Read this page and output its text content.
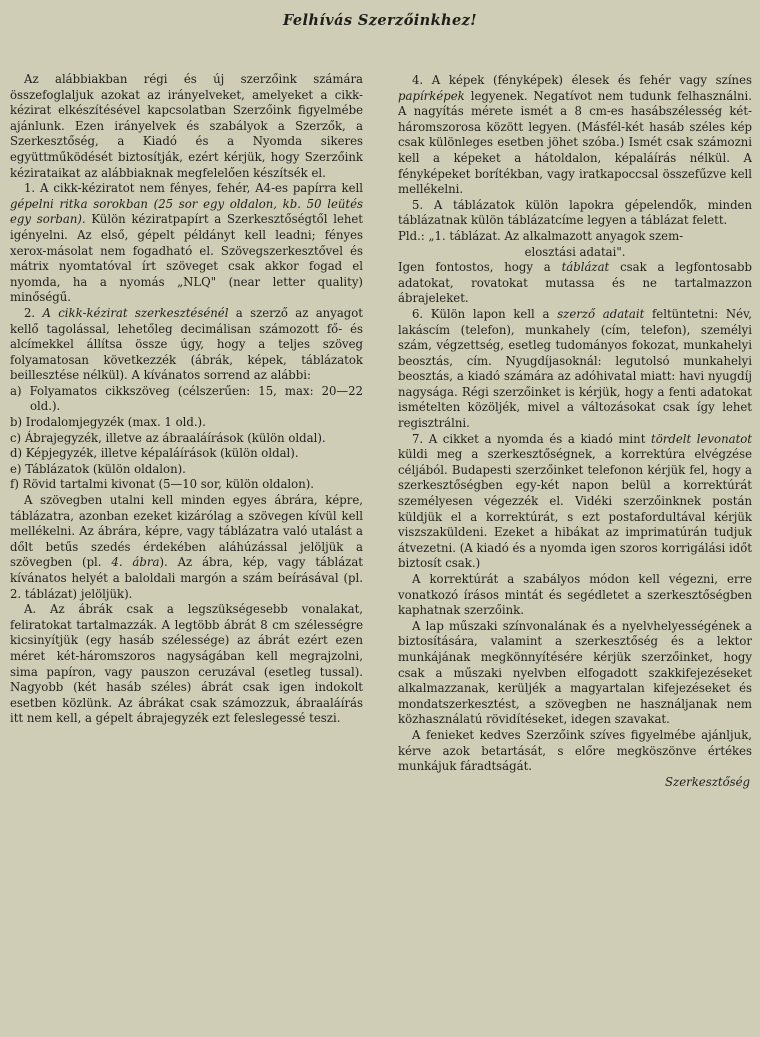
Felhívás Szerzőinkhez!

Az alábbiakban régi és új szerzőink számára összefoglaljuk azokat az irányelveket, amelyeket a cikk-kézirat elkészítésével kapcsolatban Szerzőink figyelmébe ajánlunk. Ezen irányelvek és szabályok a Szerzők, a Szerkesztőség, a Kiadó és a Nyomda sikeres együttműködését biztosítják, ezért kérjük, hogy Szerzőink kézirataikat az alábbiaknak megfelelően készítsék el.

1. A cikk-kéziratot nem fényes, fehér, A4-es papírra kell gépelni ritka sorokban (25 sor egy oldalon, kb. 50 leütés egy sorban). Külön kéziratpapírt a Szerkesztőségtől lehet igényelni. Az első, gépelt példányt kell leadni; fényes xerox-másolat nem fogadható el. Szövegszerkesztővel és mátrix nyomtatóval írt szöveget csak akkor fogad el nyomda, ha a nyomás „NLQ" (near letter quality) minőségű.

2. A cikk-kézirat szerkesztésénél a szerző az anyagot kellő tagolással, lehetőleg decimálisan számozott fő- és alcímekkel állítsa össze úgy, hogy a teljes szöveg folyamatosan következzék (ábrák, képek, táblázatok beillesztése nélkül). A kívánatos sorrend az alábbi:

a) Folyamatos cikkszöveg (célszerűen: 15, max: 20—22 old.).

b) Irodalomjegyzék (max. 1 old.).

c) Ábrajegyzék, illetve az ábraaláírások (külön oldal).

d) Képjegyzék, illetve képaláírások (külön oldal).

e) Táblázatok (külön oldalon).

f) Rövid tartalmi kivonat (5—10 sor, külön oldalon).

A szövegben utalni kell minden egyes ábrára, képre, táblázatra, azonban ezeket kizárólag a szövegen kívül kell mellékelni. Az ábrára, képre, vagy táblázatra való utalást a dőlt betűs szedés érdekében aláhúzással jelöljük a szövegben (pl. 4. ábra). Az ábra, kép, vagy táblázat kívánatos helyét a baloldali margón a szám beírásával (pl. 2. táblázat) jelöljük).

A. Az ábrák csak a legszükségesebb vonalakat, feliratokat tartalmazzák. A legtöbb ábrát 8 cm szélességre kicsinyítjük (egy hasáb szélessége) az ábrát ezért ezen méret két-háromszoros nagyságában kell megrajzolni, sima papíron, vagy pauszon ceruzával (esetleg tussal). Nagyobb (két hasáb széles) ábrát csak igen indokolt esetben közlünk. Az ábrákat csak számozzuk, ábraaláírás itt nem kell, a gépelt ábrajegyzék ezt feleslegessé teszi.

4. A képek (fényképek) élesek és fehér vagy színes papírképek legyenek. Negatívot nem tudunk felhasználni. A nagyítás mérete ismét a 8 cm-es hasábszélesség két-háromszorosa között legyen. (Másfél-két hasáb széles kép csak különleges esetben jöhet szóba.) Ismét csak számozni kell a képeket a hátoldalon, képaláírás nélkül. A fényképeket borítékban, vagy iratkapoccsal összefűzve kell mellékelni.

5. A táblázatok külön lapokra gépelendők, minden táblázatnak külön táblázatcíme legyen a táblázat felett.

Pld.: „1. táblázat. Az alkalmazott anyagok szem-

elosztási adatai".

Igen fontostos, hogy a táblázat csak a legfontosabb adatokat, rovatokat mutassa és ne tartalmazzon ábrajeleket.

6. Külön lapon kell a szerző adatait feltüntetni: Név, lakáscím (telefon), munkahely (cím, telefon), személyi szám, végzettség, esetleg tudományos fokozat, munkahelyi beosztás, cím. Nyugdíjasoknál: legutolsó munkahelyi beosztás, a kiadó számára az adóhivatal miatt: havi nyugdíj nagysága. Régi szerzőinket is kérjük, hogy a fenti adatokat ismételten közöljék, mivel a változásokat csak így lehet regisztrálni.

7. A cikket a nyomda és a kiadó mint tördelt levonatot küldi meg a szerkesztőségnek, a korrektúra elvégzése céljából. Budapesti szerzőinket telefonon kérjük fel, hogy a szerkesztőségben egy-két napon belül a korrektúrát személyesen végezzék el. Vidéki szerzőinknek postán küldjük el a korrektúrát, s ezt postafordultával kérjük viszszaküldeni. Ezeket a hibákat az imprimatúrán tudjuk átvezetni. (A kiadó és a nyomda igen szoros korrigálási időt biztosít csak.)

A korrektúrát a szabályos módon kell végezni, erre vonatkozó írásos mintát és segédletet a szerkesztőségben kaphatnak szerzőink.

A lap műszaki színvonalának és a nyelvhelyességének a biztosítására, valamint a szerkesztőség és a lektor munkájának megkönnyítésére kérjük szerzőinket, hogy csak a műszaki nyelvben elfogadott szakkifejezéseket alkalmazzanak, kerüljék a magyartalan kifejezéseket és mondatszerkesztést, a szövegben ne használjanak nem közhasználatú rövidítéseket, idegen szavakat.

A fenieket kedves Szerzőink szíves figyelmébe ajánljuk, kérve azok betartását, s előre megköszönve értékes munkájuk fáradtságát.

Szerkesztőség
